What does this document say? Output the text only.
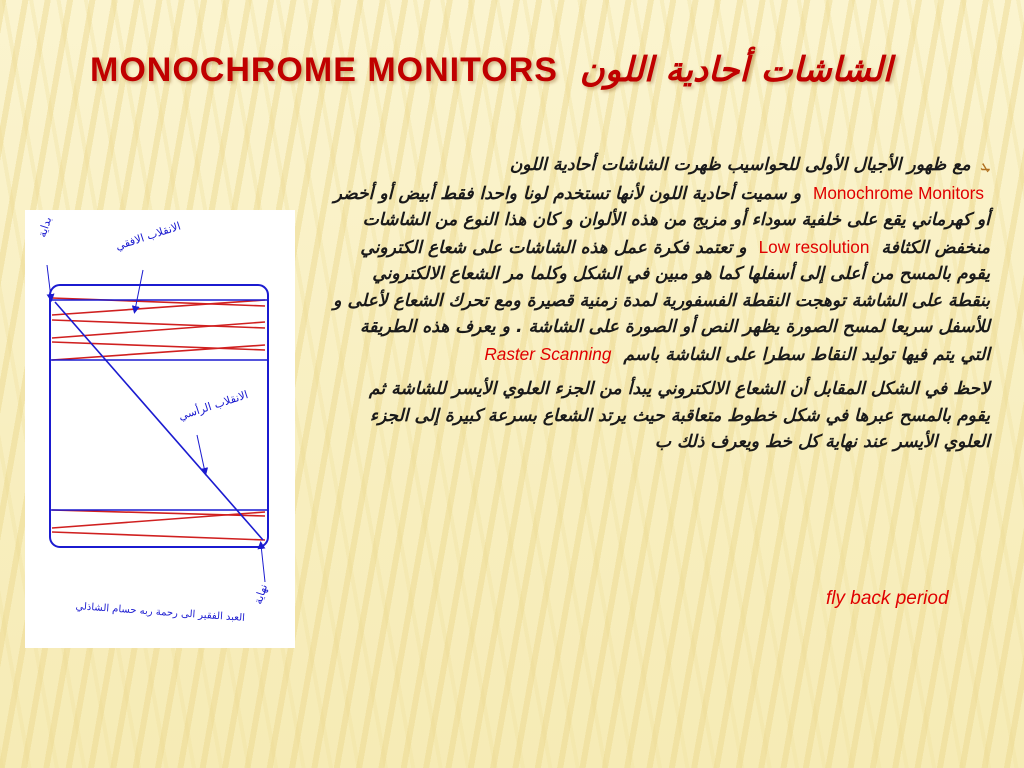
MONOCHROME MONITORS الشاشات أحادية اللون
بداية	الانقلاب الافقي
الانقلاب الرأسي
نهاية
العبد الفقير الى رحمة ربه حسام الشاذلي

ܛ مع ظهور الأجيال الأولى للحواسيب ظهرت الشاشات أحادية اللون Monochrome Monitors و سميت أحادية اللون لأنها تستخدم لونا واحدا فقط أبيض أو أخضر أو كهرماني يقع على خلفية سوداء أو مزيج من هذه الألوان و كان هذا النوع من الشاشات منخفض الكثافة Low resolution و تعتمد فكرة عمل هذه الشاشات على شعاع الكتروني يقوم بالمسح من أعلى إلى أسفلها كما هو مبين في الشكل وكلما مر الشعاع الالكتروني بنقطة على الشاشة توهجت النقطة الفسفورية لمدة زمنية قصيرة ومع تحرك الشعاع لأعلى و للأسفل سريعا لمسح الصورة يظهر النص أو الصورة على الشاشة . و يعرف هذه الطريقة التي يتم فيها توليد النقاط سطرا على الشاشة باسم Raster Scanning

لاحظ في الشكل المقابل أن الشعاع الالكتروني يبدأ من الجزء العلوي الأيسر للشاشة ثم يقوم بالمسح عبرها في شكل خطوط متعاقبة حيث يرتد الشعاع بسرعة كبيرة إلى الجزء العلوي الأيسر عند نهاية كل خط ويعرف ذلك ب

fly back period
